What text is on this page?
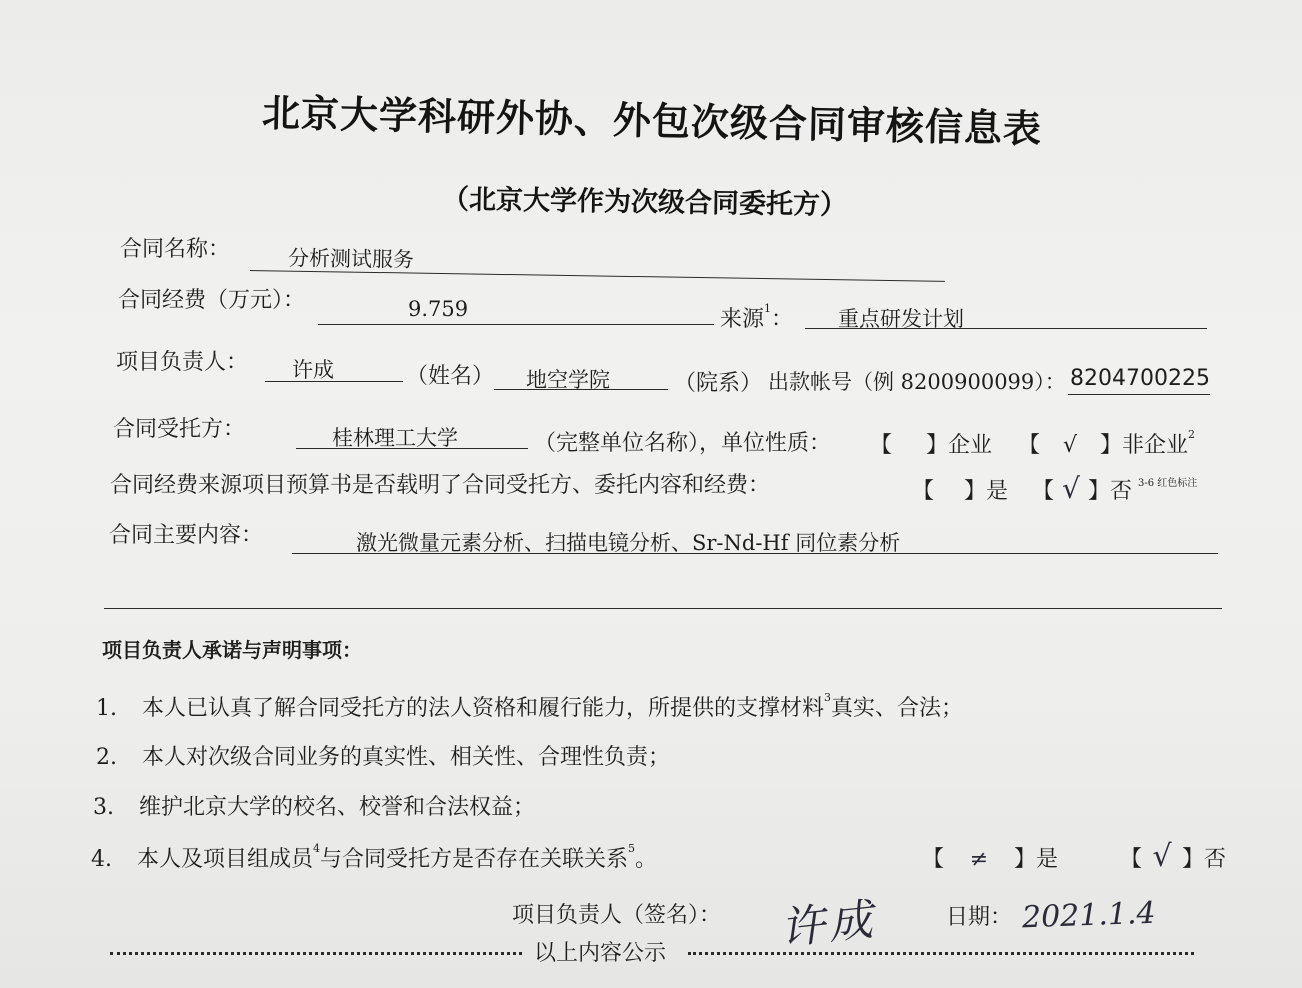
北京大学科研外协、外包次级合同审核信息表
（北京大学作为次级合同委托方）
合同名称：	分析测试服务
合同经费（万元）：	9.759	来源$^1$： 重点研发计划
项目负责人： 许成	（姓名） 地空学院	（院系） 出款帐号（例 8200900099）： 8204700225
合同受托方：	桂林理工大学	（完整单位名称），单位性质： 【 】企业 【 √ 】非企业$^2$
合同经费来源项目预算书是否载明了合同受托方、委托内容和经费：	【 】是 【 √ 】否 3-6 红色标注
合同主要内容：	激光微量元素分析、扫描电镜分析、Sr-Nd-Hf 同位素分析
项目负责人承诺与声明事项：
1. 本人已认真了解合同受托方的法人资格和履行能力，所提供的支撑材料$^3$真实、合法；
2. 本人对次级合同业务的真实性、相关性、合理性负责；
3. 维护北京大学的校名、校誉和合法权益；
4. 本人及项目组成员$^4$与合同受托方是否存在关联关系$^5$。	【 ≠ 】是	【 √ 】否
项目负责人（签名）： 许成	日期： 2021.1.4
以上内容公示
